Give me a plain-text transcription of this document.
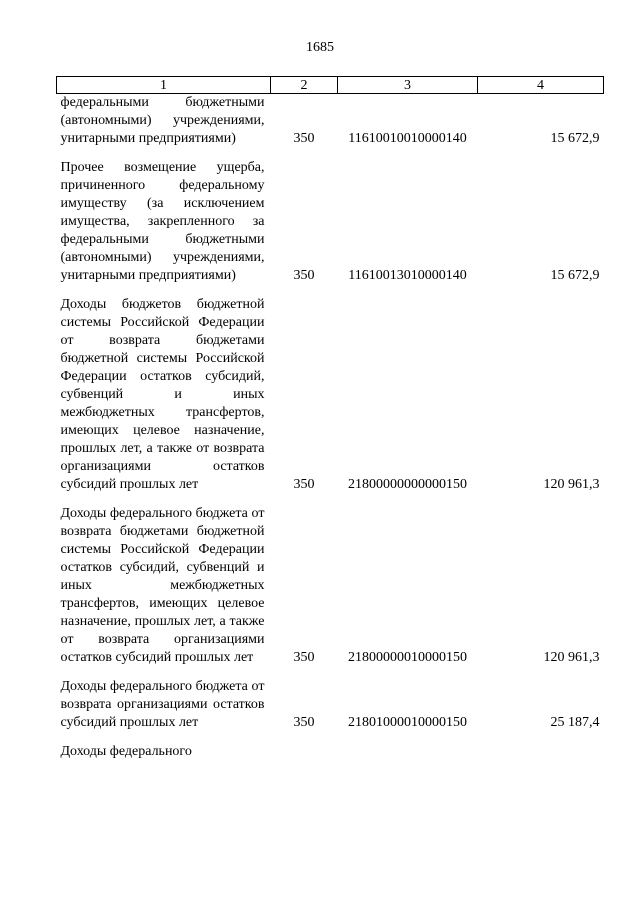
1685
1	2	3	4
федеральными бюджетными (автономными) учреждениями, унитарными предприятиями)	350	11610010010000140	15 672,9

Прочее возмещение ущерба, причиненного федеральному имуществу (за исключением имущества, закрепленного за федеральными бюджетными (автономными) учреждениями, унитарными предприятиями)	350	11610013010000140	15 672,9

Доходы бюджетов бюджетной системы Российской Федерации от возврата бюджетами бюджетной системы Российской Федерации остатков субсидий, субвенций и иных межбюджетных трансфертов, имеющих целевое назначение, прошлых лет, а также от возврата организациями остатков субсидий прошлых лет	350	21800000000000150	120 961,3

Доходы федерального бюджета от возврата бюджетами бюджетной системы Российской Федерации остатков субсидий, субвенций и иных межбюджетных трансфертов, имеющих целевое назначение, прошлых лет, а также от возврата организациями остатков субсидий прошлых лет	350	21800000010000150	120 961,3

Доходы федерального бюджета от возврата организациями остатков субсидий прошлых лет	350	21801000010000150	25 187,4

Доходы федерального			
